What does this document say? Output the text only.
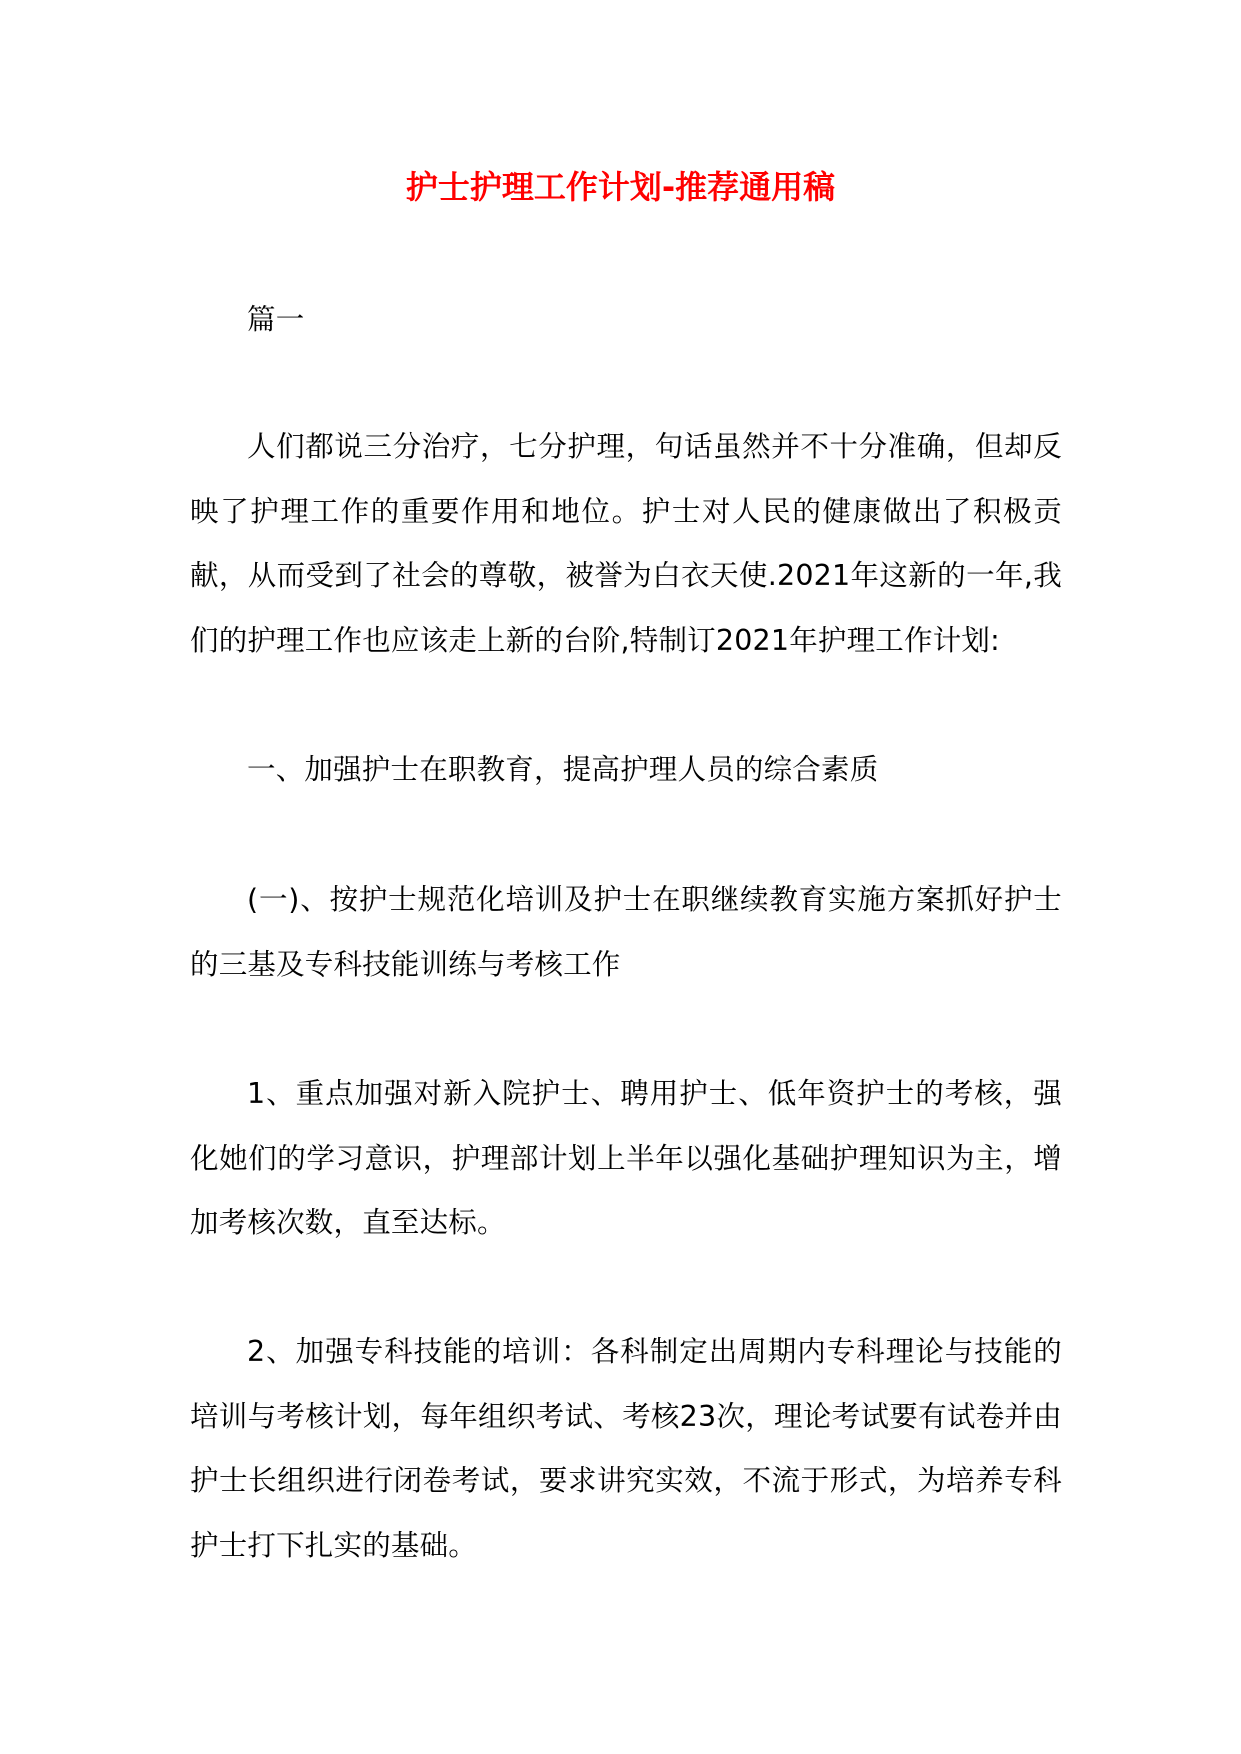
护士护理工作计划-推荐通用稿

篇一

人们都说三分治疗，七分护理，句话虽然并不十分准确，但却反映了护理工作的重要作用和地位。护士对人民的健康做出了积极贡献，从而受到了社会的尊敬，被誉为白衣天使.2021年这新的一年,我们的护理工作也应该走上新的台阶,特制订2021年护理工作计划:

一、加强护士在职教育，提高护理人员的综合素质

(一)、按护士规范化培训及护士在职继续教育实施方案抓好护士的三基及专科技能训练与考核工作

1、重点加强对新入院护士、聘用护士、低年资护士的考核，强化她们的学习意识，护理部计划上半年以强化基础护理知识为主，增加考核次数，直至达标。

2、加强专科技能的培训：各科制定出周期内专科理论与技能的培训与考核计划，每年组织考试、考核23次，理论考试要有试卷并由护士长组织进行闭卷考试，要求讲究实效，不流于形式，为培养专科护士打下扎实的基础。
